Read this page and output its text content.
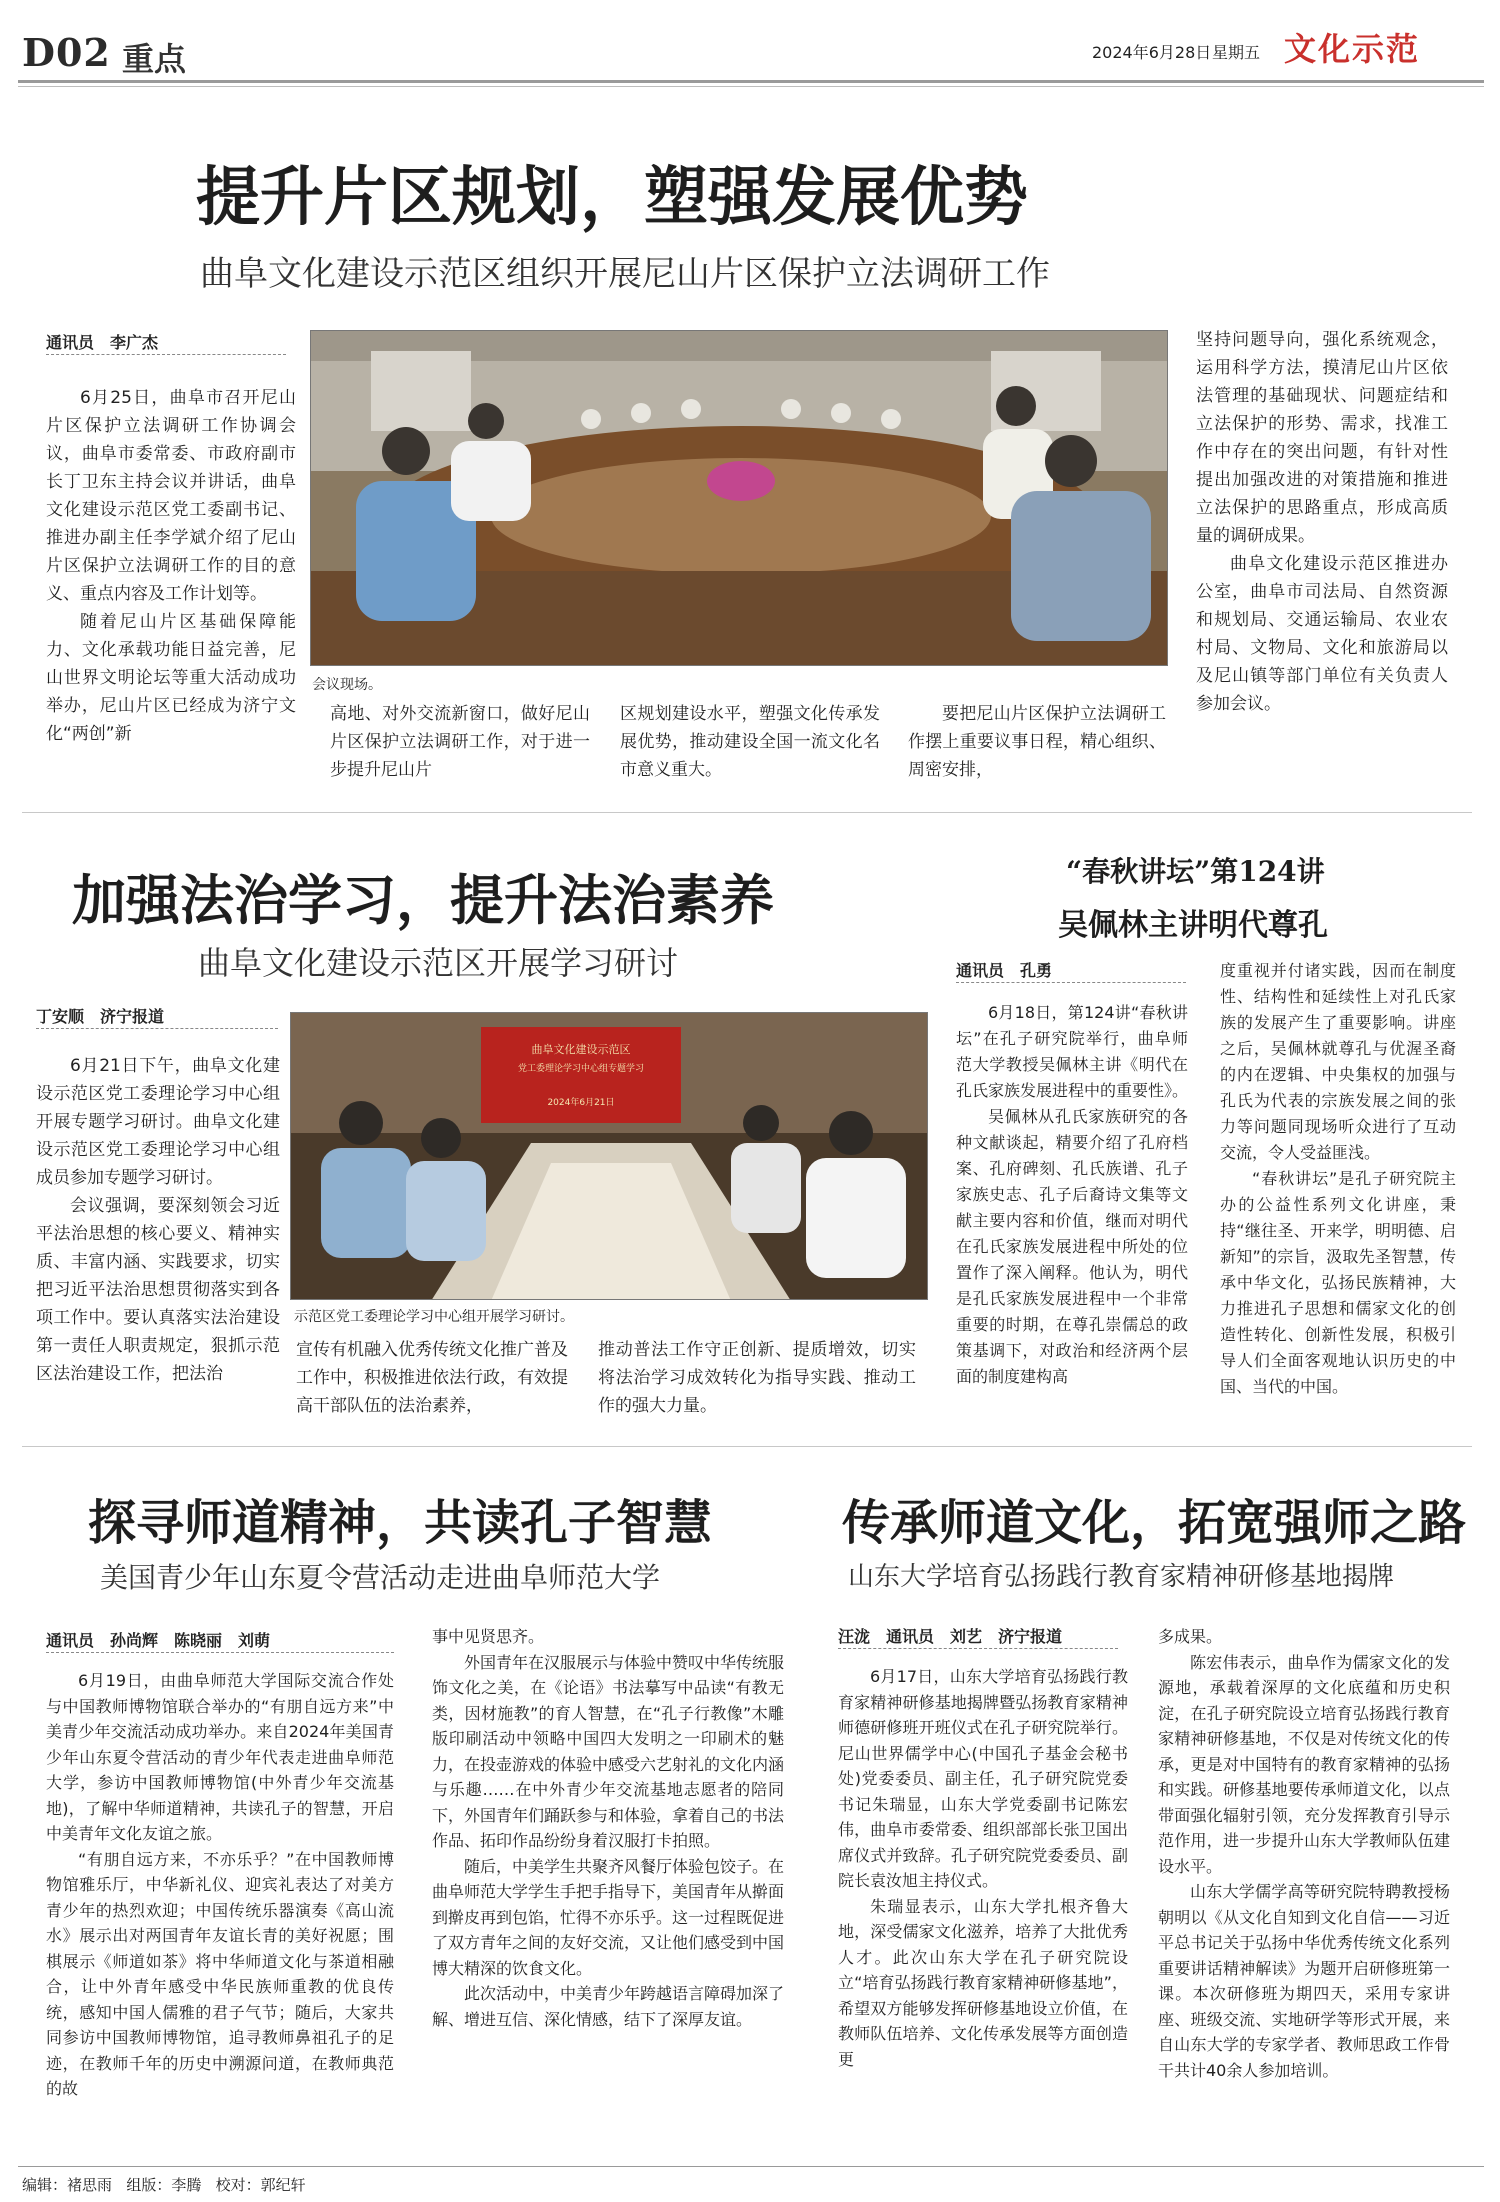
D02 重点	2024年6月28日 星期五 文化示范
提升片区规划，塑强发展优势
曲阜文化建设示范区组织开展尼山片区保护立法调研工作
通讯员　李广杰

6月25日，曲阜市召开尼山片区保护立法调研工作协调会议，曲阜市委常委、市政府副市长丁卫东主持会议并讲话，曲阜文化建设示范区党工委副书记、推进办副主任李学斌介绍了尼山片区保护立法调研工作的目的意义、重点内容及工作计划等。

随着尼山片区基础保障能力、文化承载功能日益完善，尼山世界文明论坛等重大活动成功举办，尼山片区已经成为济宁文化“两创”新

会议现场。
高地、对外交流新窗口，做好尼山片区保护立法调研工作，对于进一步提升尼山片
区规划建设水平，塑强文化传承发展优势，推动建设全国一流文化名市意义重大。

要把尼山片区保护立法调研工作摆上重要议事日程，精心组织、周密安排，

坚持问题导向，强化系统观念，运用科学方法，摸清尼山片区依法管理的基础现状、问题症结和立法保护的形势、需求，找准工作中存在的突出问题，有针对性提出加强改进的对策措施和推进立法保护的思路重点，形成高质量的调研成果。

曲阜文化建设示范区推进办公室，曲阜市司法局、自然资源和规划局、交通运输局、农业农村局、文物局、文化和旅游局以及尼山镇等部门单位有关负责人参加会议。

加强法治学习，提升法治素养
曲阜文化建设示范区开展学习研讨
丁安顺　济宁报道

6月21日下午，曲阜文化建设示范区党工委理论学习中心组开展专题学习研讨。曲阜文化建设示范区党工委理论学习中心组成员参加专题学习研讨。

会议强调，要深刻领会习近平法治思想的核心要义、精神实质、丰富内涵、实践要求，切实把习近平法治思想贯彻落实到各项工作中。要认真落实法治建设第一责任人职责规定，狠抓示范区法治建设工作，把法治

曲阜文化建设示范区
党工委理论学习中心组专题学习
2024年6月21日
示范区党工委理论学习中心组开展学习研讨。
宣传有机融入优秀传统文化推广普及工作中，积极推进依法行政，有效提高干部队伍的法治素养，
推动普法工作守正创新、提质增效，切实将法治学习成效转化为指导实践、推动工作的强大力量。
“春秋讲坛”第124讲
吴佩林主讲明代尊孔
通讯员　孔勇

6月18日，第124讲“春秋讲坛”在孔子研究院举行，曲阜师范大学教授吴佩林主讲《明代在孔氏家族发展进程中的重要性》。

吴佩林从孔氏家族研究的各种文献谈起，精要介绍了孔府档案、孔府碑刻、孔氏族谱、孔子家族史志、孔子后裔诗文集等文献主要内容和价值，继而对明代在孔氏家族发展进程中所处的位置作了深入阐释。他认为，明代是孔氏家族发展进程中一个非常重要的时期，在尊孔崇儒总的政策基调下，对政治和经济两个层面的制度建构高

度重视并付诸实践，因而在制度性、结构性和延续性上对孔氏家族的发展产生了重要影响。讲座之后，吴佩林就尊孔与优渥圣裔的内在逻辑、中央集权的加强与孔氏为代表的宗族发展之间的张力等问题同现场听众进行了互动交流，令人受益匪浅。

“春秋讲坛”是孔子研究院主办的公益性系列文化讲座，秉持“继往圣、开来学，明明德、启新知”的宗旨，汲取先圣智慧，传承中华文化，弘扬民族精神，大力推进孔子思想和儒家文化的创造性转化、创新性发展，积极引导人们全面客观地认识历史的中国、当代的中国。

探寻师道精神，共读孔子智慧
美国青少年山东夏令营活动走进曲阜师范大学
通讯员　孙尚辉　陈晓丽　刘萌

6月19日，由曲阜师范大学国际交流合作处与中国教师博物馆联合举办的“有朋自远方来”中美青少年交流活动成功举办。来自2024年美国青少年山东夏令营活动的青少年代表走进曲阜师范大学，参访中国教师博物馆(中外青少年交流基地)，了解中华师道精神，共读孔子的智慧，开启中美青年文化友谊之旅。

“有朋自远方来，不亦乐乎？”在中国教师博物馆雅乐厅，中华新礼仪、迎宾礼表达了对美方青少年的热烈欢迎；中国传统乐器演奏《高山流水》展示出对两国青年友谊长青的美好祝愿；围棋展示《师道如茶》将中华师道文化与茶道相融合，让中外青年感受中华民族师重教的优良传统，感知中国人儒雅的君子气节；随后，大家共同参访中国教师博物馆，追寻教师鼻祖孔子的足迹，在教师千年的历史中溯源问道，在教师典范的故

事中见贤思齐。

外国青年在汉服展示与体验中赞叹中华传统服饰文化之美，在《论语》书法摹写中品读“有教无类，因材施教”的育人智慧，在“孔子行教像”木雕版印刷活动中领略中国四大发明之一印刷术的魅力，在投壶游戏的体验中感受六艺射礼的文化内涵与乐趣……在中外青少年交流基地志愿者的陪同下，外国青年们踊跃参与和体验，拿着自己的书法作品、拓印作品纷纷身着汉服打卡拍照。

随后，中美学生共聚齐风餐厅体验包饺子。在曲阜师范大学学生手把手指导下，美国青年从擀面到擀皮再到包馅，忙得不亦乐乎。这一过程既促进了双方青年之间的友好交流，又让他们感受到中国博大精深的饮食文化。

此次活动中，中美青少年跨越语言障碍加深了解、增进互信、深化情感，结下了深厚友谊。

传承师道文化，拓宽强师之路
山东大学培育弘扬践行教育家精神研修基地揭牌
汪泷　通讯员　刘艺　济宁报道

6月17日，山东大学培育弘扬践行教育家精神研修基地揭牌暨弘扬教育家精神师德研修班开班仪式在孔子研究院举行。尼山世界儒学中心(中国孔子基金会秘书处)党委委员、副主任，孔子研究院党委书记朱瑞显，山东大学党委副书记陈宏伟，曲阜市委常委、组织部部长张卫国出席仪式并致辞。孔子研究院党委委员、副院长袁汝旭主持仪式。

朱瑞显表示，山东大学扎根齐鲁大地，深受儒家文化滋养，培养了大批优秀人才。此次山东大学在孔子研究院设立“培育弘扬践行教育家精神研修基地”，希望双方能够发挥研修基地设立价值，在教师队伍培养、文化传承发展等方面创造更

多成果。

陈宏伟表示，曲阜作为儒家文化的发源地，承载着深厚的文化底蕴和历史积淀，在孔子研究院设立培育弘扬践行教育家精神研修基地，不仅是对传统文化的传承，更是对中国特有的教育家精神的弘扬和实践。研修基地要传承师道文化，以点带面强化辐射引领，充分发挥教育引导示范作用，进一步提升山东大学教师队伍建设水平。

山东大学儒学高等研究院特聘教授杨朝明以《从文化自知到文化自信——习近平总书记关于弘扬中华优秀传统文化系列重要讲话精神解读》为题开启研修班第一课。本次研修班为期四天，采用专家讲座、班级交流、实地研学等形式开展，来自山东大学的专家学者、教师思政工作骨干共计40余人参加培训。

编辑：褚思雨 组版：李腾 校对：郭纪轩
